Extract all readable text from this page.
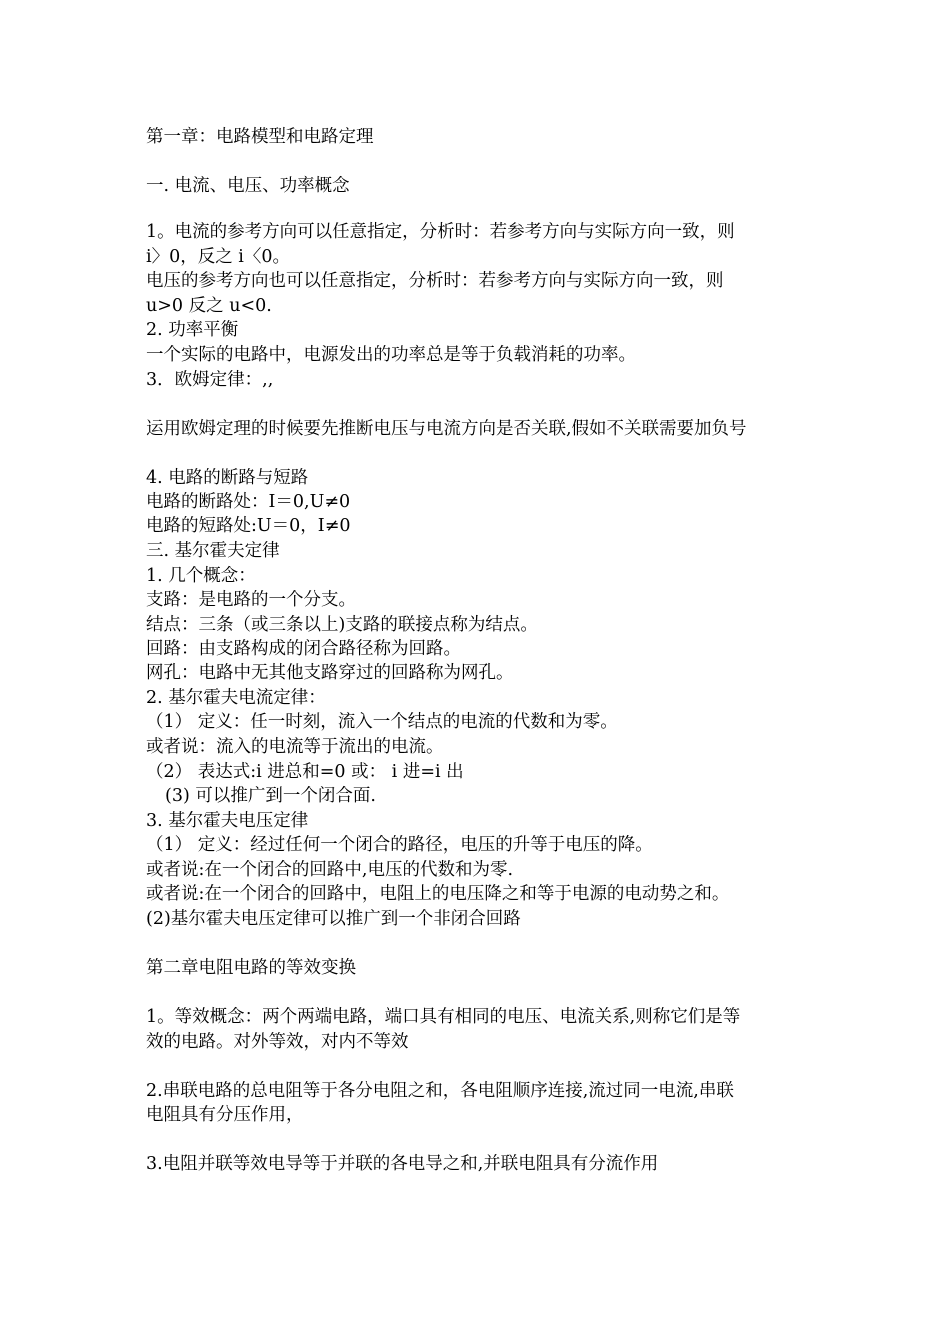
第一章：电路模型和电路定理
一. 电流、电压、功率概念
1。电流的参考方向可以任意指定，分析时：若参考方向与实际方向一致，则
i〉0，反之 i〈0。
电压的参考方向也可以任意指定，分析时：若参考方向与实际方向一致，则
u>0 反之 u<0.
2. 功率平衡
一个实际的电路中，电源发出的功率总是等于负载消耗的功率。
3．欧姆定律：,,
运用欧姆定理的时候要先推断电压与电流方向是否关联,假如不关联需要加负号
4. 电路的断路与短路
电路的断路处：I＝0,U≠0
电路的短路处:U＝0，I≠0
三. 基尔霍夫定律
1. 几个概念：
支路：是电路的一个分支。
结点：三条（或三条以上)支路的联接点称为结点。
回路：由支路构成的闭合路径称为回路。
网孔：电路中无其他支路穿过的回路称为网孔。
2. 基尔霍夫电流定律：
（1） 定义：任一时刻，流入一个结点的电流的代数和为零。
或者说：流入的电流等于流出的电流。
（2） 表达式:i 进总和=0 或： i 进=i 出
(3) 可以推广到一个闭合面.
3. 基尔霍夫电压定律
（1） 定义：经过任何一个闭合的路径，电压的升等于电压的降。
或者说:在一个闭合的回路中,电压的代数和为零.
或者说:在一个闭合的回路中，电阻上的电压降之和等于电源的电动势之和。
(2)基尔霍夫电压定律可以推广到一个非闭合回路
第二章电阻电路的等效变换
1。等效概念：两个两端电路，端口具有相同的电压、电流关系,则称它们是等
效的电路。对外等效，对内不等效
2.串联电路的总电阻等于各分电阻之和，各电阻顺序连接,流过同一电流,串联
电阻具有分压作用，
3.电阻并联等效电导等于并联的各电导之和,并联电阻具有分流作用
